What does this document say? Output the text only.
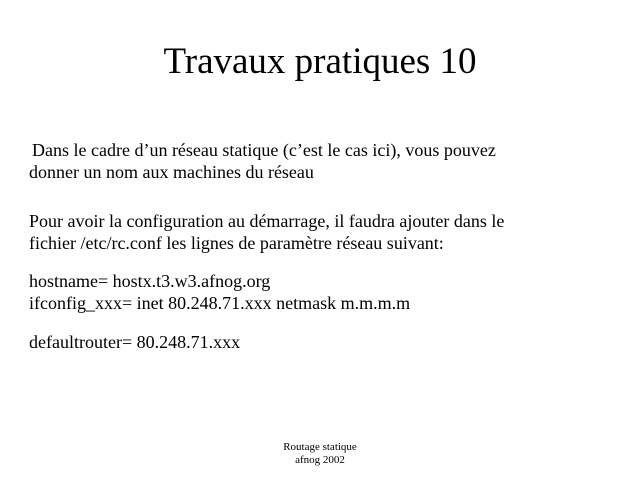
Travaux pratiques 10
Dans le cadre d’un réseau statique (c’est le cas ici), vous pouvez
donner un nom aux machines du réseau
Pour avoir la configuration au démarrage, il faudra ajouter dans le
fichier /etc/rc.conf les lignes de paramètre réseau suivant:
hostname= hostx.t3.w3.afnog.org
ifconfig_xxx= inet 80.248.71.xxx netmask m.m.m.m
defaultrouter= 80.248.71.xxx
Routage statique
afnog 2002
